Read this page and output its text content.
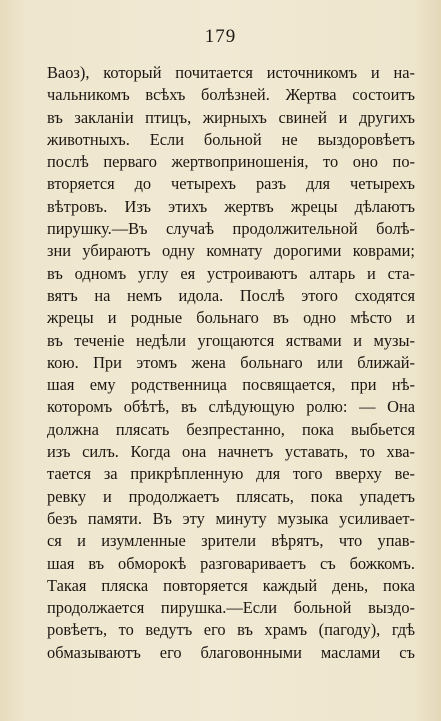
179
Ваоз), который почитается источникомъ и на-
чальникомъ всѣхъ болѣзней. Жертва состоитъ
въ закланіи птицъ, жирныхъ свиней и другихъ
животныхъ. Если больной не выздоровѣетъ
послѣ перваго жертвоприношенія, то оно по-
вторяется до четырехъ разъ для четырехъ
вѣтровъ. Изъ этихъ жертвъ жрецы дѣлаютъ
пирушку.—Въ случаѣ продолжительной болѣ-
зни убираютъ одну комнату дорогими коврами;
въ одномъ углу ея устроиваютъ алтарь и ста-
вятъ на немъ идола. Послѣ этого сходятся
жрецы и родные больнаго въ одно мѣсто и
въ теченіе недѣли угощаются яствами и музы-
кою. При этомъ жена больнаго или ближай-
шая ему родственница посвящается, при нѣ-
которомъ обѣтѣ, въ слѣдующую ролю: — Она
должна плясать безпрестанно, пока выбьется
изъ силъ. Когда она начнетъ уставать, то хва-
тается за прикрѣпленную для того вверху ве-
ревку и продолжаетъ плясать, пока упадетъ
безъ памяти. Въ эту минуту музыка усиливает-
ся и изумленные зрители вѣрятъ, что упав-
шая въ обморокѣ разговариваетъ съ божкомъ.
Такая пляска повторяется каждый день, пока
продолжается пирушка.—Если больной выздо-
ровѣетъ, то ведутъ его въ храмъ (пагоду), гдѣ
обмазываютъ его благовонными маслами съ
